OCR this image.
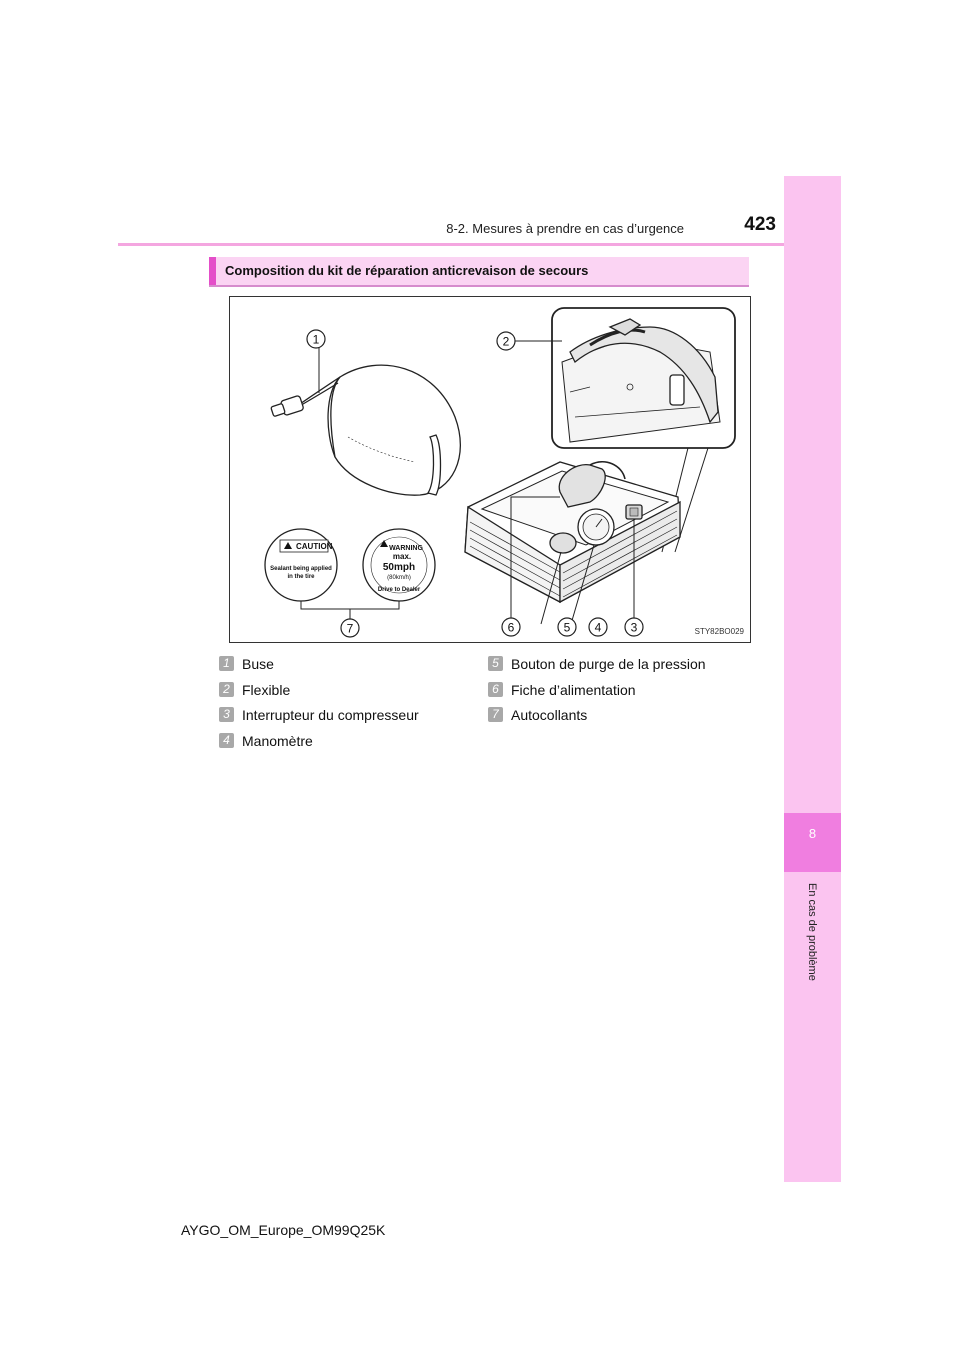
8-2. Mesures à prendre en cas d’urgence	423
8
En cas de problème
Composition du kit de réparation anticrevaison de secours
CAUTION
Sealant being applied
in the tire
WARNING
max.
50mph
(80km/h)
Drive to Dealer
1	2
3
4
5
6
7	STY82BO029
1 Buse
2 Flexible
3 Interrupteur du compresseur
4 Manomètre
5 Bouton de purge de la pression
6 Fiche d’alimentation
7 Autocollants
AYGO_OM_Europe_OM99Q25K
